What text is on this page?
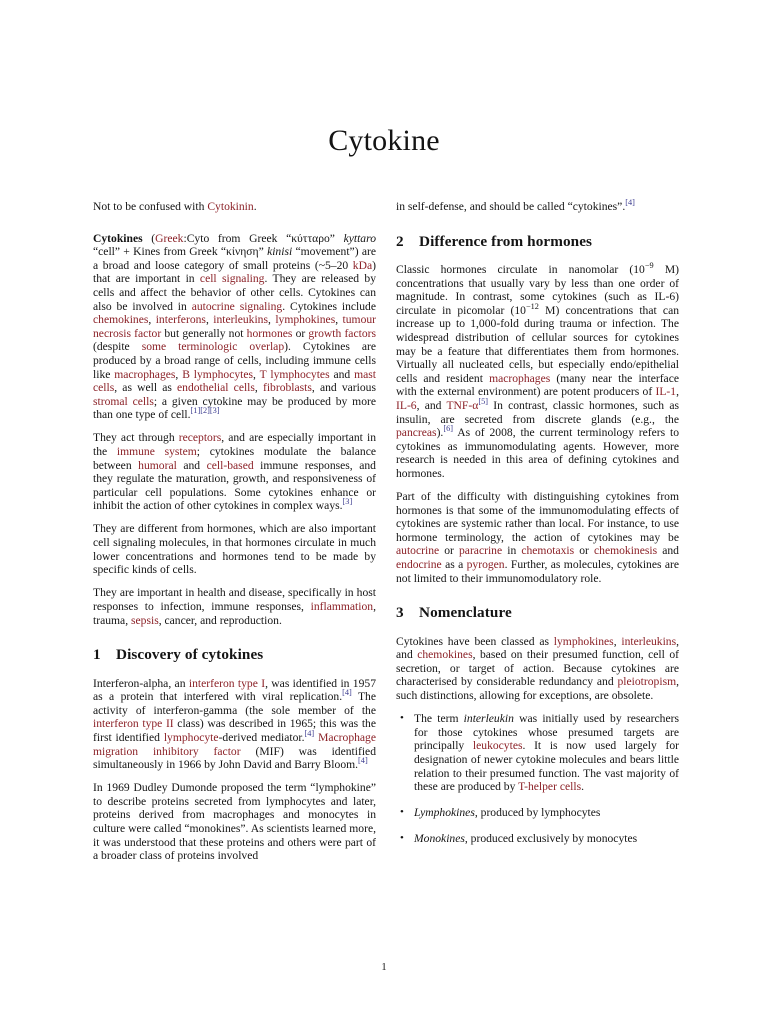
Cytokine

Not to be confused with Cytokinin.

Cytokines (Greek:Cyto from Greek “κύτταρο” kyttaro “cell” + Kines from Greek “κίνηση” kinisi “movement”) are a broad and loose category of small proteins (~5–20 kDa) that are important in cell signaling. They are released by cells and affect the behavior of other cells. Cytokines can also be involved in autocrine signaling. Cytokines include chemokines, interferons, interleukins, lymphokines, tumour necrosis factor but generally not hormones or growth factors (despite some terminologic overlap). Cytokines are produced by a broad range of cells, including immune cells like macrophages, B lymphocytes, T lymphocytes and mast cells, as well as endothelial cells, fibroblasts, and various stromal cells; a given cytokine may be produced by more than one type of cell.[1][2][3]

They act through receptors, and are especially important in the immune system; cytokines modulate the balance between humoral and cell-based immune responses, and they regulate the maturation, growth, and responsiveness of particular cell populations. Some cytokines enhance or inhibit the action of other cytokines in complex ways.[3]

They are different from hormones, which are also important cell signaling molecules, in that hormones circulate in much lower concentrations and hormones tend to be made by specific kinds of cells.

They are important in health and disease, specifically in host responses to infection, immune responses, inflammation, trauma, sepsis, cancer, and reproduction.

1 Discovery of cytokines

Interferon-alpha, an interferon type I, was identified in 1957 as a protein that interfered with viral replication.[4] The activity of interferon-gamma (the sole member of the interferon type II class) was described in 1965; this was the first identified lymphocyte-derived mediator.[4] Macrophage migration inhibitory factor (MIF) was identified simultaneously in 1966 by John David and Barry Bloom.[4]

In 1969 Dudley Dumonde proposed the term “lymphokine” to describe proteins secreted from lymphocytes and later, proteins derived from macrophages and monocytes in culture were called “monokines”. As scientists learned more, it was understood that these proteins and others were part of a broader class of proteins involved

in self-defense, and should be called “cytokines”.[4]

2 Difference from hormones

Classic hormones circulate in nanomolar ($10^{-9}$ M) concentrations that usually vary by less than one order of magnitude. In contrast, some cytokines (such as IL-6) circulate in picomolar ($10^{-12}$ M) concentrations that can increase up to 1,000-fold during trauma or infection. The widespread distribution of cellular sources for cytokines may be a feature that differentiates them from hormones. Virtually all nucleated cells, but especially endo/epithelial cells and resident macrophages (many near the interface with the external environment) are potent producers of IL-1, IL-6, and TNF-α[5] In contrast, classic hormones, such as insulin, are secreted from discrete glands (e.g., the pancreas).[6] As of 2008, the current terminology refers to cytokines as immunomodulating agents. However, more research is needed in this area of defining cytokines and hormones.

Part of the difficulty with distinguishing cytokines from hormones is that some of the immunomodulating effects of cytokines are systemic rather than local. For instance, to use hormone terminology, the action of cytokines may be autocrine or paracrine in chemotaxis or chemokinesis and endocrine as a pyrogen. Further, as molecules, cytokines are not limited to their immunomodulatory role.

3 Nomenclature

Cytokines have been classed as lymphokines, interleukins, and chemokines, based on their presumed function, cell of secretion, or target of action. Because cytokines are characterised by considerable redundancy and pleiotropism, such distinctions, allowing for exceptions, are obsolete.

• The term interleukin was initially used by researchers for those cytokines whose presumed targets are principally leukocytes. It is now used largely for designation of newer cytokine molecules and bears little relation to their presumed function. The vast majority of these are produced by T-helper cells.
• Lymphokines, produced by lymphocytes
• Monokines, produced exclusively by monocytes
1
